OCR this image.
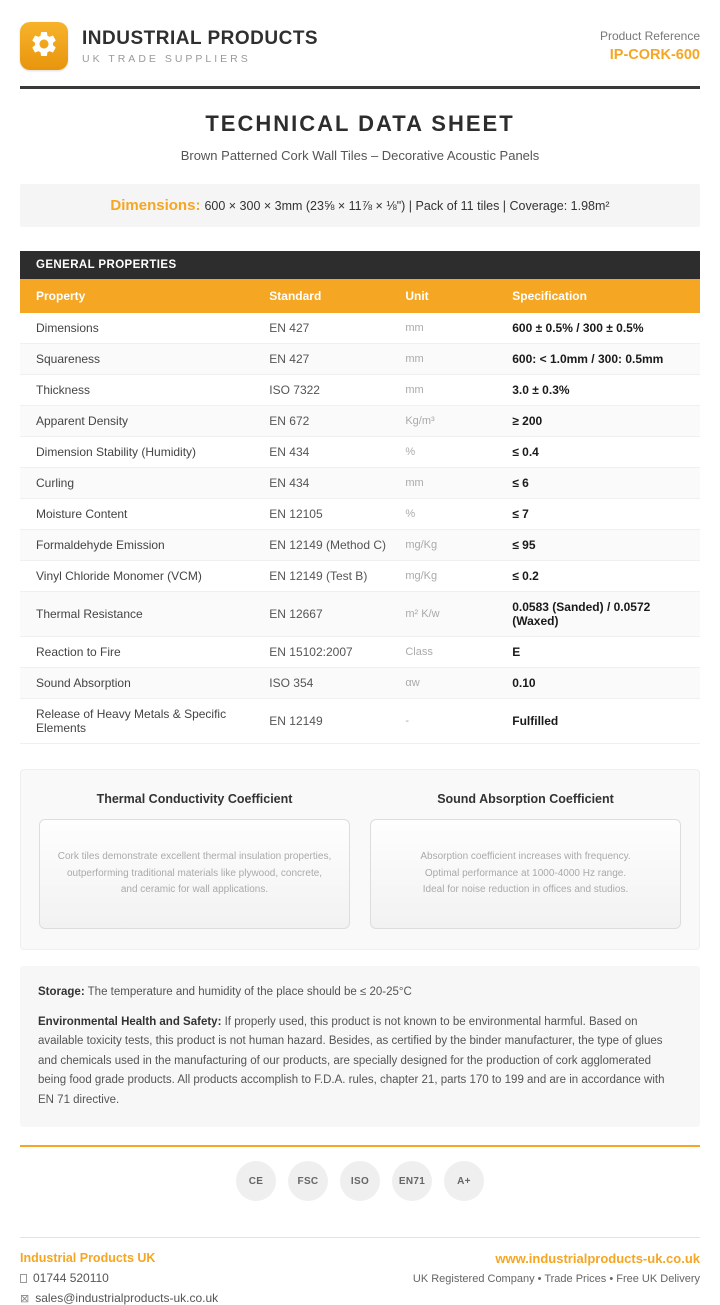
INDUSTRIAL PRODUCTS
UK TRADE SUPPLIERS
Product Reference
IP-CORK-600
TECHNICAL DATA SHEET
Brown Patterned Cork Wall Tiles – Decorative Acoustic Panels
Dimensions: 600 × 300 × 3mm (23⅝ × 11⅞ × ⅛") | Pack of 11 tiles | Coverage: 1.98m²
GENERAL PROPERTIES
Property	Standard	Unit	Specification
Dimensions	EN 427	mm	600 ± 0.5% / 300 ± 0.5%
Squareness	EN 427	mm	600: < 1.0mm / 300: 0.5mm
Thickness	ISO 7322	mm	3.0 ± 0.3%
Apparent Density	EN 672	Kg/m³	≥ 200
Dimension Stability (Humidity)	EN 434	%	≤ 0.4
Curling	EN 434	mm	≤ 6
Moisture Content	EN 12105	%	≤ 7
Formaldehyde Emission	EN 12149 (Method C)	mg/Kg	≤ 95
Vinyl Chloride Monomer (VCM)	EN 12149 (Test B)	mg/Kg	≤ 0.2
Thermal Resistance	EN 12667	m² K/w	0.0583 (Sanded) / 0.0572 (Waxed)
Reaction to Fire	EN 15102:2007	Class	E
Sound Absorption	ISO 354	αw	0.10
Release of Heavy Metals & Specific Elements	EN 12149	-	Fulfilled
Thermal Conductivity Coefficient
Cork tiles demonstrate excellent thermal insulation properties,
outperforming traditional materials like plywood, concrete,
and ceramic for wall applications.
Sound Absorption Coefficient
Absorption coefficient increases with frequency.
Optimal performance at 1000-4000 Hz range.
Ideal for noise reduction in offices and studios.

Storage: The temperature and humidity of the place should be ≤ 20-25°C

Environmental Health and Safety: If properly used, this product is not known to be environmental harmful. Based on available toxicity tests, this product is not human hazard. Besides, as certified by the binder manufacturer, the type of glues and chemicals used in the manufacturing of our products, are specially designed for the production of cork agglomerated being food grade products. All products accomplish to F.D.A. rules, chapter 21, parts 170 to 199 and are in accordance with EN 71 directive.

CE	FSC	ISO	EN71	A+
Industrial Products UK
01744 520110
⊠ sales@industrialproducts-uk.co.uk
www.industrialproducts-uk.co.uk
UK Registered Company • Trade Prices • Free UK Delivery
